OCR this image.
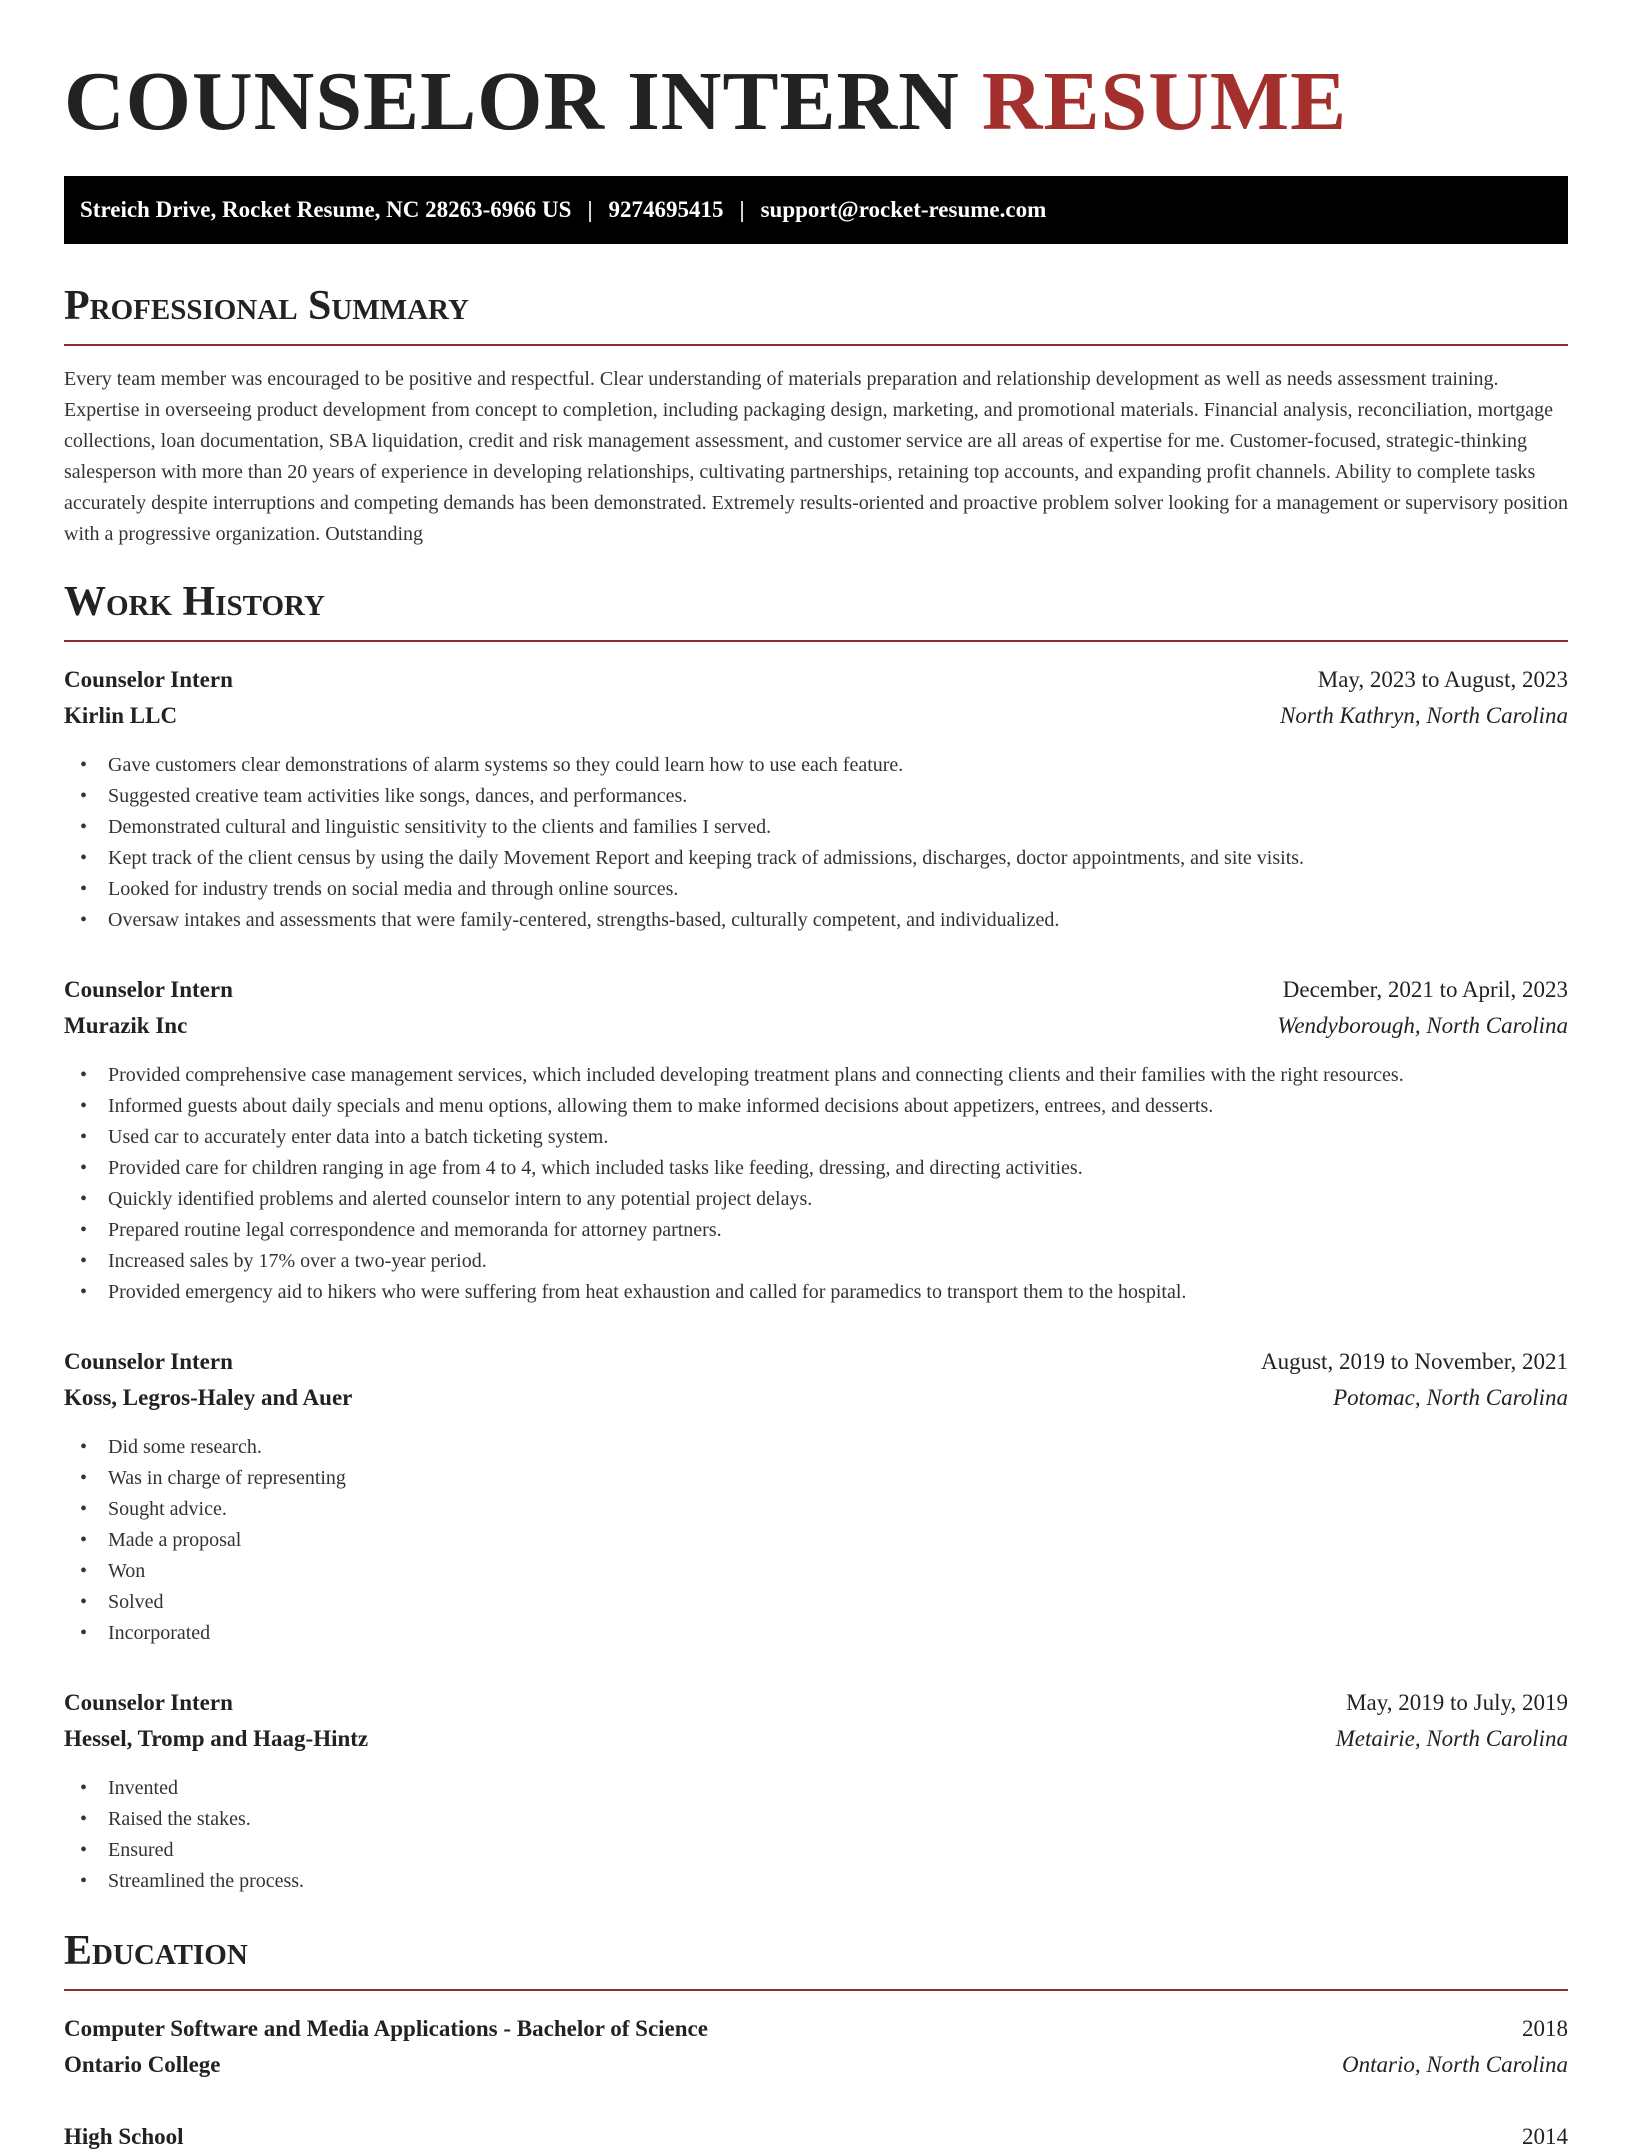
COUNSELOR INTERN RESUME
Streich Drive, Rocket Resume, NC 28263-6966 US | 9274695415 | support@rocket-resume.com
Professional Summary

Every team member was encouraged to be positive and respectful. Clear understanding of materials preparation and relationship development as well as needs assessment training. Expertise in overseeing product development from concept to completion, including packaging design, marketing, and promotional materials. Financial analysis, reconciliation, mortgage collections, loan documentation, SBA liquidation, credit and risk management assessment, and customer service are all areas of expertise for me. Customer-focused, strategic-thinking salesperson with more than 20 years of experience in developing relationships, cultivating partnerships, retaining top accounts, and expanding profit channels. Ability to complete tasks accurately despite interruptions and competing demands has been demonstrated. Extremely results-oriented and proactive problem solver looking for a management or supervisory position with a progressive organization. Outstanding

Work History
Counselor Intern	May, 2023 to August, 2023
Kirlin LLC	North Kathryn, North Carolina
• Gave customers clear demonstrations of alarm systems so they could learn how to use each feature.
• Suggested creative team activities like songs, dances, and performances.
• Demonstrated cultural and linguistic sensitivity to the clients and families I served.
• Kept track of the client census by using the daily Movement Report and keeping track of admissions, discharges, doctor appointments, and site visits.
• Looked for industry trends on social media and through online sources.
• Oversaw intakes and assessments that were family-centered, strengths-based, culturally competent, and individualized.
Counselor Intern	December, 2021 to April, 2023
Murazik Inc	Wendyborough, North Carolina
• Provided comprehensive case management services, which included developing treatment plans and connecting clients and their families with the right resources.
• Informed guests about daily specials and menu options, allowing them to make informed decisions about appetizers, entrees, and desserts.
• Used car to accurately enter data into a batch ticketing system.
• Provided care for children ranging in age from 4 to 4, which included tasks like feeding, dressing, and directing activities.
• Quickly identified problems and alerted counselor intern to any potential project delays.
• Prepared routine legal correspondence and memoranda for attorney partners.
• Increased sales by 17% over a two-year period.
• Provided emergency aid to hikers who were suffering from heat exhaustion and called for paramedics to transport them to the hospital.
Counselor Intern	August, 2019 to November, 2021
Koss, Legros-Haley and Auer	Potomac, North Carolina
• Did some research.
• Was in charge of representing
• Sought advice.
• Made a proposal
• Won
• Solved
• Incorporated
Counselor Intern	May, 2019 to July, 2019
Hessel, Tromp and Haag-Hintz	Metairie, North Carolina
• Invented
• Raised the stakes.
• Ensured
• Streamlined the process.
Education
Computer Software and Media Applications - Bachelor of Science	2018
Ontario College	Ontario, North Carolina
High School	2014
